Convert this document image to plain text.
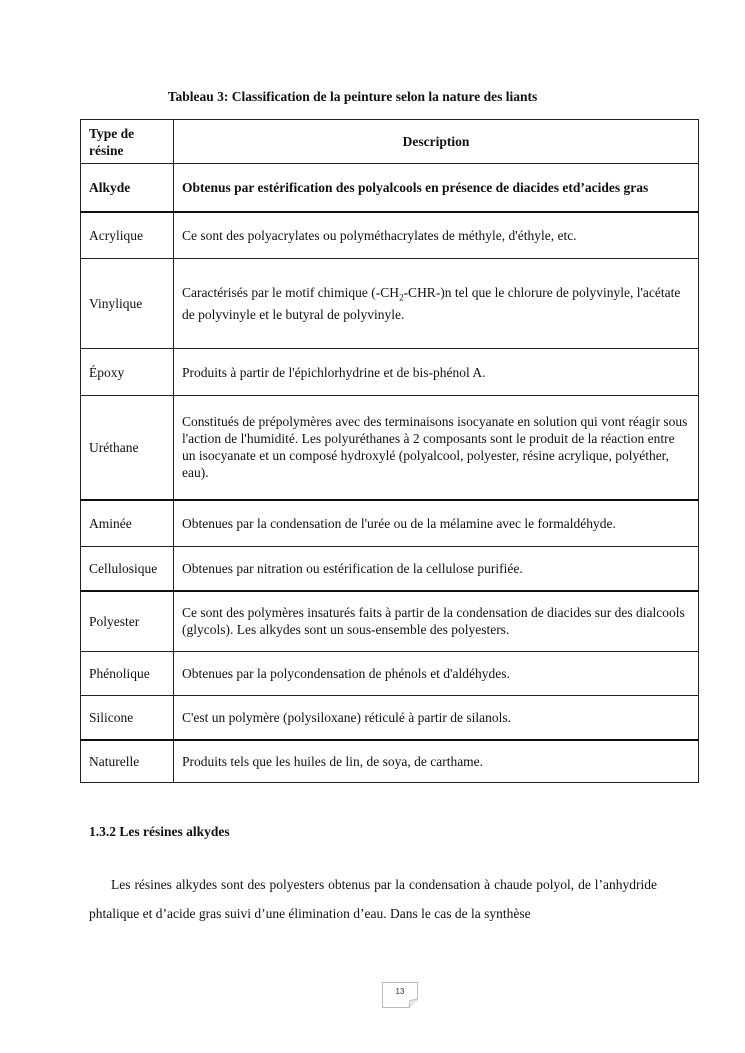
Tableau 3: Classification de la peinture selon la nature des liants
Type de résine	Description
Alkyde	Obtenus par estérification des polyalcools en présence de diacides etd’acides gras
Acrylique	Ce sont des polyacrylates ou polyméthacrylates de méthyle, d'éthyle, etc.
Vinylique	Caractérisés par le motif chimique $(-CH_2-CHR-)n$ tel que le chlorure de polyvinyle, l'acétate de polyvinyle et le butyral de polyvinyle.
Époxy	Produits à partir de l'épichlorhydrine et de bis-phénol A.
Uréthane	Constitués de prépolymères avec des terminaisons isocyanate en solution qui vont réagir sous l'action de l'humidité. Les polyuréthanes à 2 composants sont le produit de la réaction entre un isocyanate et un composé hydroxylé (polyalcool, polyester, résine acrylique, polyéther, eau).
Aminée	Obtenues par la condensation de l'urée ou de la mélamine avec le formaldéhyde.
Cellulosique	Obtenues par nitration ou estérification de la cellulose purifiée.
Polyester	Ce sont des polymères insaturés faits à partir de la condensation de diacides sur des dialcools (glycols). Les alkydes sont un sous-ensemble des polyesters.
Phénolique	Obtenues par la polycondensation de phénols et d'aldéhydes.
Silicone	C'est un polymère (polysiloxane) réticulé à partir de silanols.
Naturelle	Produits tels que les huiles de lin, de soya, de carthame.
1.3.2 Les résines alkydes

Les résines alkydes sont des polyesters obtenus par la condensation à chaude polyol, de l’anhydride phtalique et d’acide gras suivi d’une élimination d’eau. Dans le cas de la synthèse

13
